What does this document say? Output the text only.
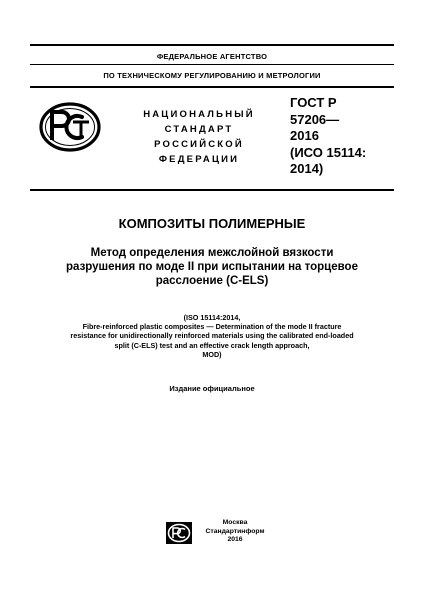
ФЕДЕРАЛЬНОЕ АГЕНТСТВО
ПО ТЕХНИЧЕСКОМУ РЕГУЛИРОВАНИЮ И МЕТРОЛОГИИ
НАЦИОНАЛЬНЫЙ
СТАНДАРТ
РОССИЙСКОЙ
ФЕДЕРАЦИИ
ГОСТ Р
57206—
2016
(ИСО 15114:
2014)
КОМПОЗИТЫ ПОЛИМЕРНЫЕ
Метод определения межслойной вязкости
разрушения по моде II при испытании на торцевое
расслоение (C-ELS)
(ISO 15114:2014,
Fibre-reinforced plastic composites — Determination of the mode II fracture
resistance for unidirectionally reinforced materials using the calibrated end-loaded
split (C-ELS) test and an effective crack length approach,
MOD)
Издание официальное
Москва
Стандартинформ
2016
